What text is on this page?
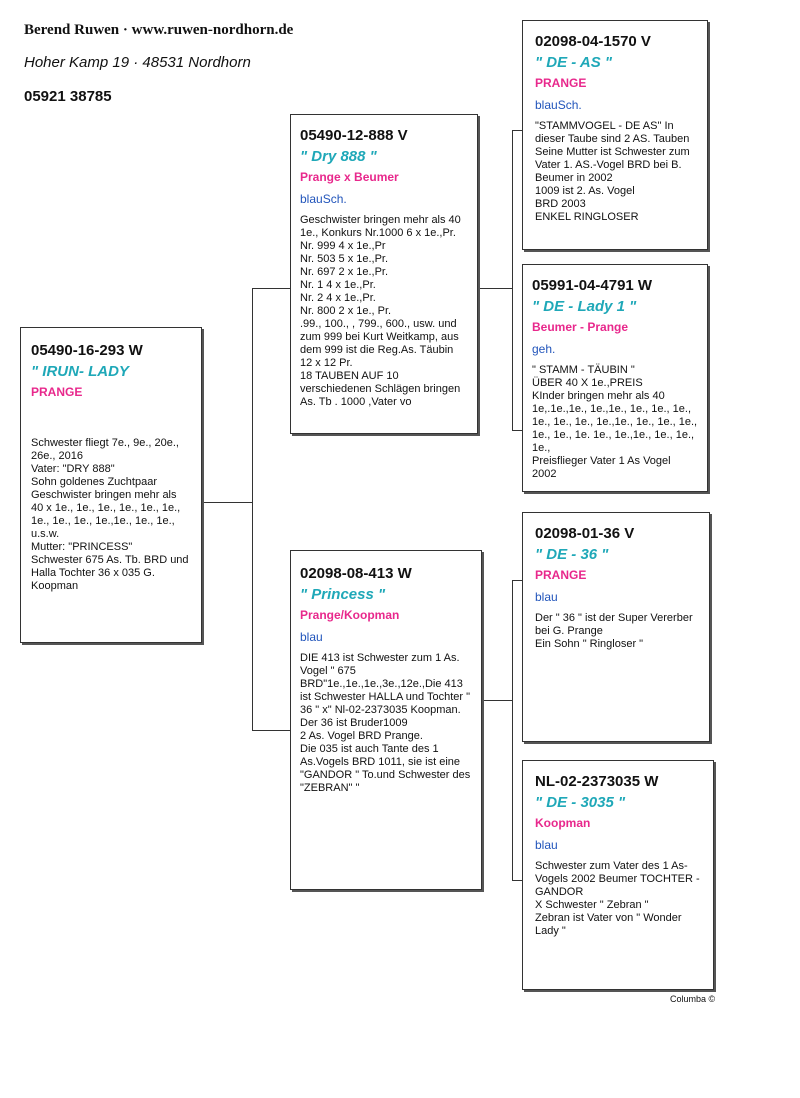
Berend Ruwen · www.ruwen-nordhorn.de
Hoher Kamp 19 · 48531 Nordhorn
05921 38785
05490-16-293 W
" IRUN- LADY
PRANGE
Schwester fliegt 7e., 9e., 20e., 26e., 2016
Vater: "DRY 888"
Sohn goldenes Zuchtpaar
Geschwister bringen mehr als 40 x 1e., 1e., 1e., 1e., 1e., 1e., 1e., 1e., 1e., 1e.,1e., 1e., 1e., u.s.w.
Mutter: "PRINCESS"
Schwester 675 As. Tb. BRD und Halla Tochter 36 x 035 G. Koopman
05490-12-888 V
" Dry 888 "
Prange x Beumer
blauSch.
Geschwister bringen mehr als 40 1e., Konkurs Nr.1000 6 x 1e.,Pr.
Nr. 999 4 x 1e.,Pr
Nr. 503 5 x 1e.,Pr.
Nr. 697 2 x 1e.,Pr.
Nr. 1 4 x 1e.,Pr.
Nr. 2 4 x 1e.,Pr.
Nr. 800 2 x 1e., Pr.
.99., 100., , 799., 600., usw. und zum 999 bei Kurt Weitkamp, aus dem 999 ist die Reg.As. Täubin
12 x 12 Pr.
18 TAUBEN AUF 10 verschiedenen Schlägen bringen As. Tb . 1000 ,Vater vo
02098-08-413 W
" Princess "
Prange/Koopman
blau
DIE 413 ist Schwester zum 1 As. Vogel " 675 BRD"1e.,1e.,1e.,3e.,12e.,Die 413 ist Schwester HALLA und Tochter " 36 " x" Nl-02-2373035 Koopman. Der 36 ist Bruder1009
2 As. Vogel BRD Prange.
Die 035 ist auch Tante des 1 As.Vogels BRD 1011, sie ist eine "GANDOR " To.und Schwester des "ZEBRAN" "
02098-04-1570 V
" DE - AS "
PRANGE
blauSch.
"STAMMVOGEL - DE AS" In dieser Taube sind 2 AS. Tauben Seine Mutter ist Schwester zum Vater 1. AS.-Vogel BRD bei B. Beumer in 2002
1009 ist 2. As. Vogel
BRD 2003
ENKEL RINGLOSER
05991-04-4791 W
" DE - Lady 1 "
Beumer - Prange
geh.
" STAMM - TÄUBIN "
ÜBER 40 X 1e.,PREIS
KInder bringen mehr als 40 1e,.1e.,1e., 1e.,1e., 1e., 1e., 1e., 1e., 1e., 1e., 1e.,1e., 1e., 1e., 1e., 1e., 1e., 1e. 1e., 1e.,1e., 1e., 1e., 1e.,
Preisflieger Vater 1 As Vogel 2002
02098-01-36 V
" DE - 36 "
PRANGE
blau
Der " 36 " ist der Super Vererber bei G. Prange
Ein Sohn " Ringloser "
NL-02-2373035 W
" DE - 3035 "
Koopman
blau
Schwester zum Vater des 1 As-Vogels 2002 Beumer TOCHTER - GANDOR
X Schwester " Zebran "
Zebran ist Vater von " Wonder Lady "
Columba ©
